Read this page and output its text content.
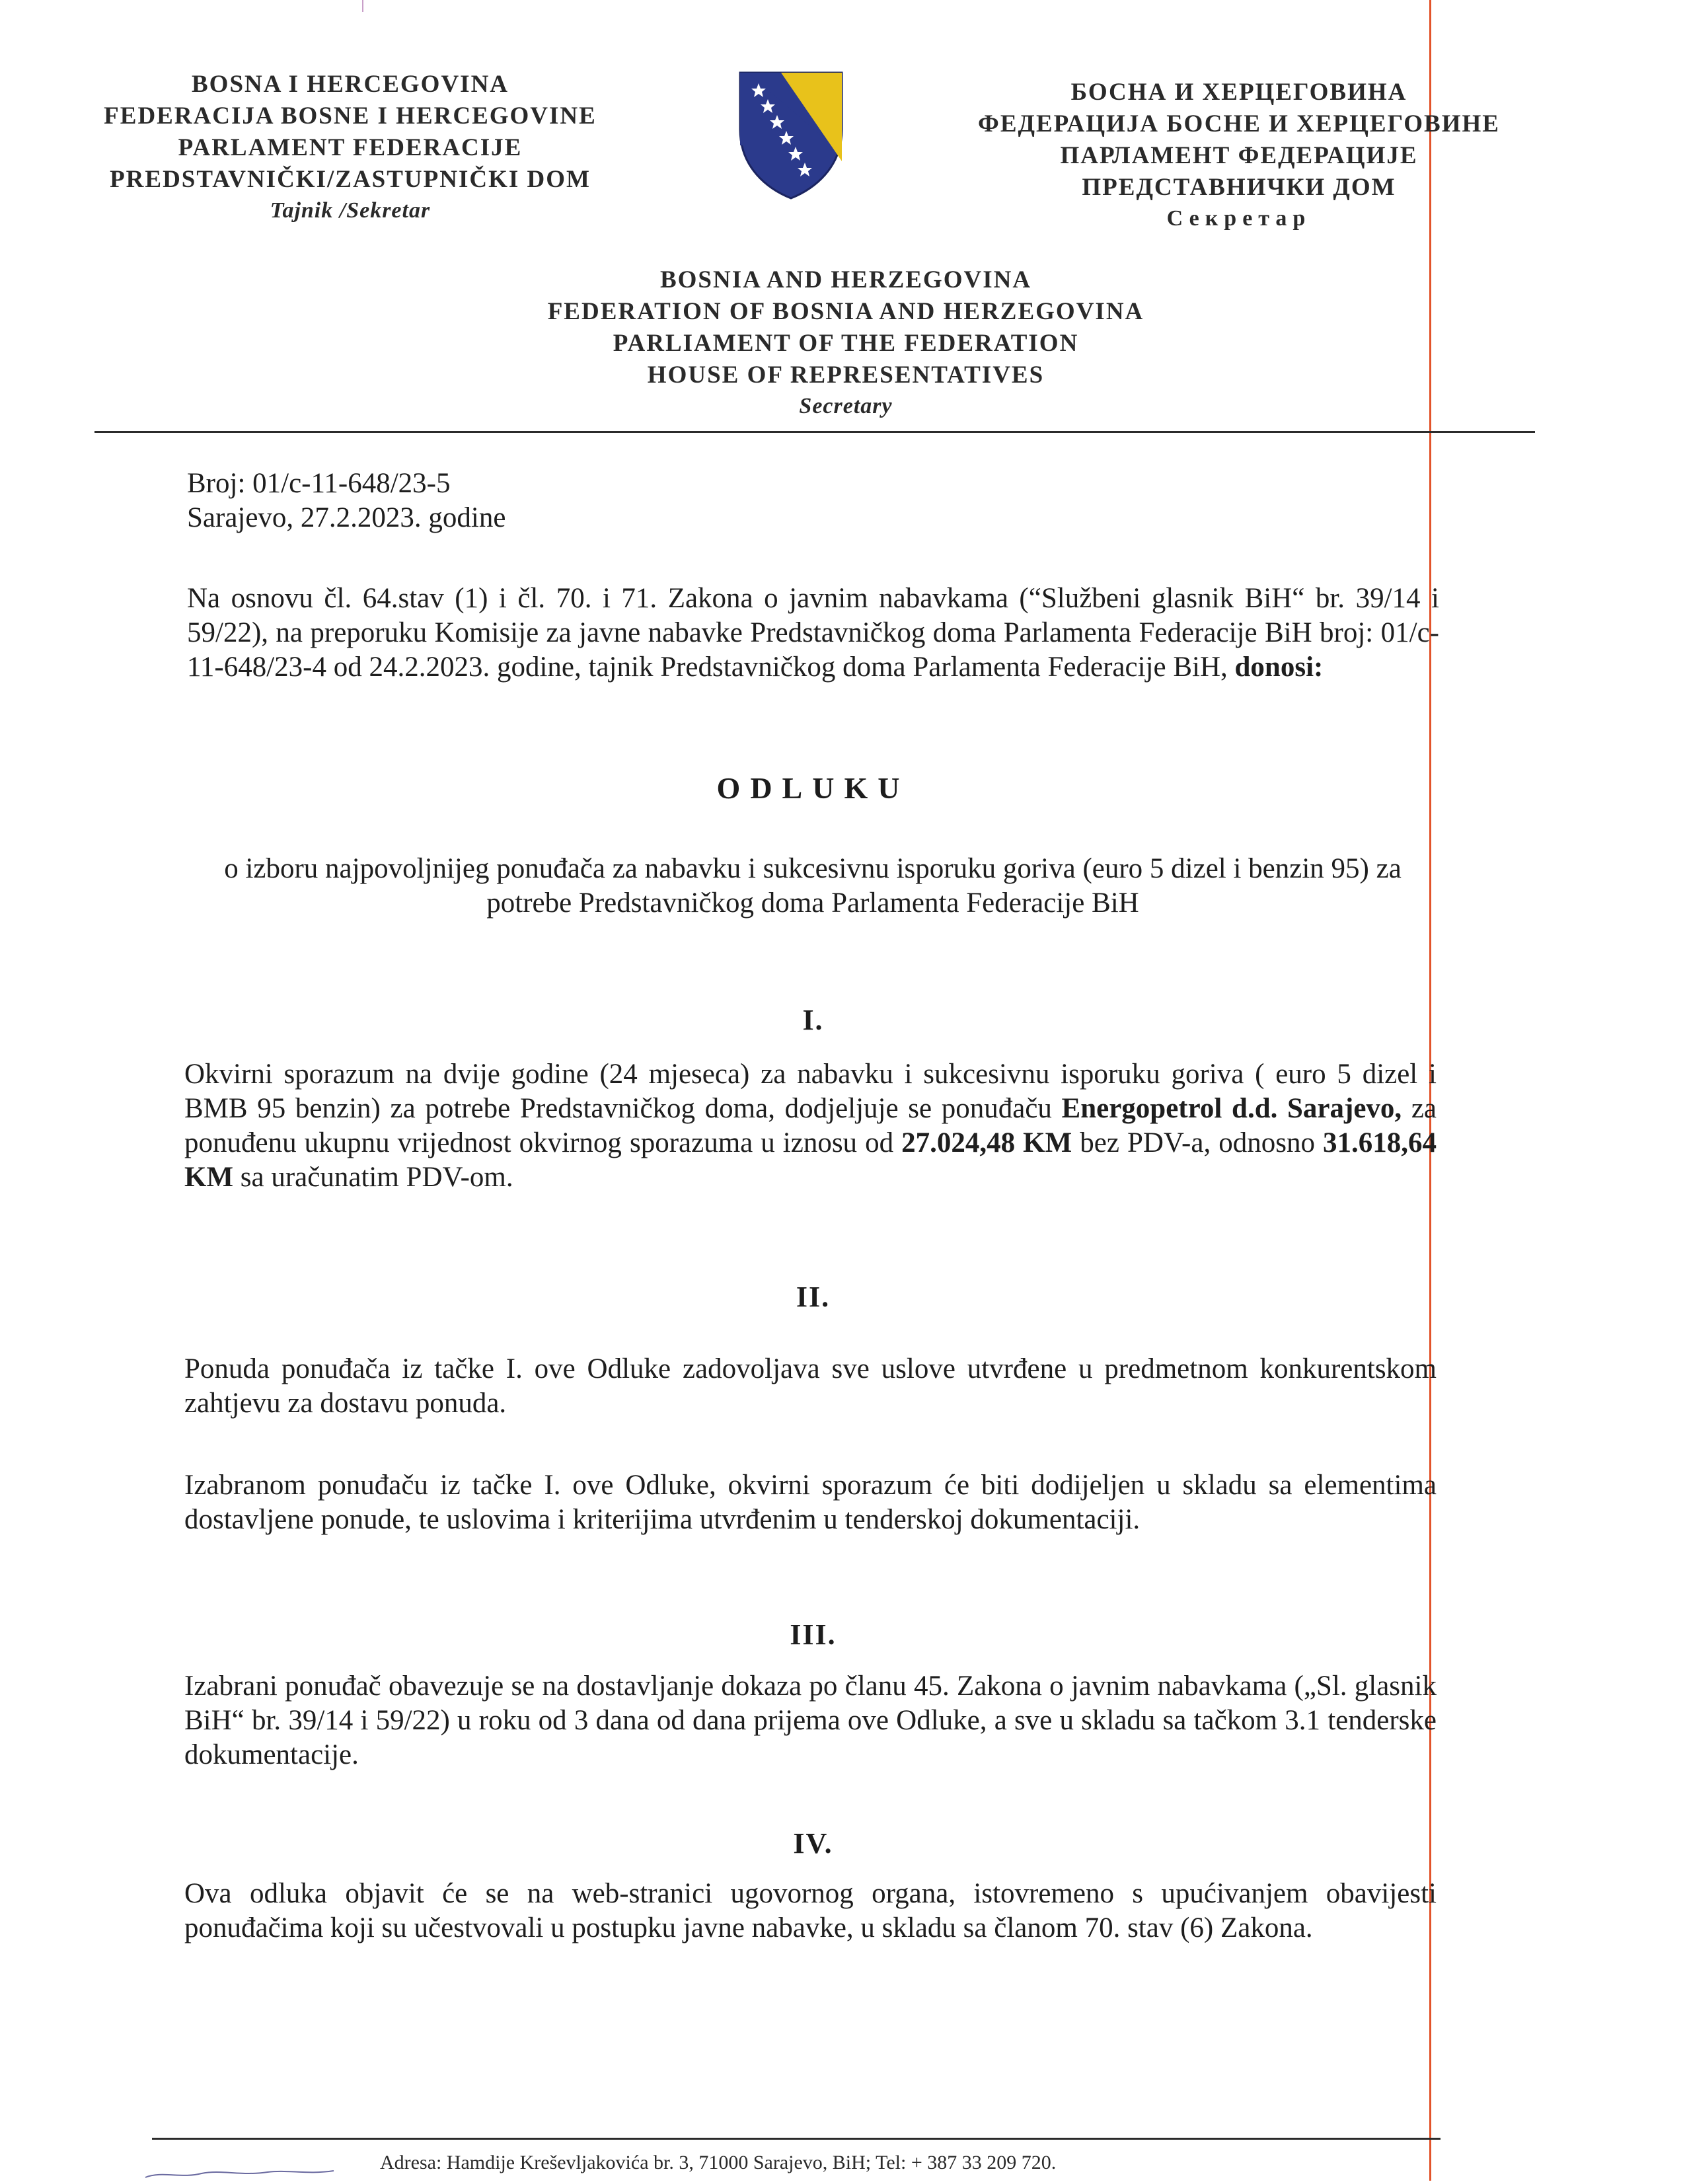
BOSNA I HERCEGOVINA
FEDERACIJA BOSNE I HERCEGOVINE
PARLAMENT FEDERACIJE
PREDSTAVNIČKI/ZASTUPNIČKI DOM
Tajnik /Sekretar
БОСНА И ХЕРЦЕГОВИНА
ФЕДЕРАЦИЈА БОСНЕ И ХЕРЦЕГОВИНЕ
ПАРЛАМЕНТ ФЕДЕРАЦИЈЕ
ПРЕДСТАВНИЧКИ ДОМ
Секретар
BOSNIA AND HERZEGOVINA
FEDERATION OF BOSNIA AND HERZEGOVINA
PARLIAMENT OF THE FEDERATION
HOUSE OF REPRESENTATIVES
Secretary
Broj: 01/c-11-648/23-5
Sarajevo, 27.2.2023. godine
Na osnovu čl. 64.stav (1) i čl. 70. i 71. Zakona o javnim nabavkama (“Službeni glasnik BiH“ br. 39/14 i 59/22), na preporuku Komisije za javne nabavke Predstavničkog doma Parlamenta Federacije BiH broj: 01/c-11-648/23-4 od 24.2.2023. godine, tajnik Predstavničkog doma Parlamenta Federacije BiH, donosi:
ODLUKU
o izboru najpovoljnijeg ponuđača za nabavku i sukcesivnu isporuku goriva (euro 5 dizel i benzin 95) za potrebe Predstavničkog doma Parlamenta Federacije BiH
I.
Okvirni sporazum na dvije godine (24 mjeseca) za nabavku i sukcesivnu isporuku goriva ( euro 5 dizel i BMB 95 benzin) za potrebe Predstavničkog doma, dodjeljuje se ponuđaču Energopetrol d.d. Sarajevo, za ponuđenu ukupnu vrijednost okvirnog sporazuma u iznosu od 27.024,48 KM bez PDV-a, odnosno 31.618,64 KM sa uračunatim PDV-om.
II.
Ponuda ponuđača iz tačke I. ove Odluke zadovoljava sve uslove utvrđene u predmetnom konkurentskom zahtjevu za dostavu ponuda.
Izabranom ponuđaču iz tačke I. ove Odluke, okvirni sporazum će biti dodijeljen u skladu sa elementima dostavljene ponude, te uslovima i kriterijima utvrđenim u tenderskoj dokumentaciji.
III.
Izabrani ponuđač obavezuje se na dostavljanje dokaza po članu 45. Zakona o javnim nabavkama („Sl. glasnik BiH“ br. 39/14 i 59/22) u roku od 3 dana od dana prijema ove Odluke, a sve u skladu sa tačkom 3.1 tenderske dokumentacije.
IV.
Ova odluka objavit će se na web-stranici ugovornog organa, istovremeno s upućivanjem obavijesti ponuđačima koji su učestvovali u postupku javne nabavke, u skladu sa članom 70. stav (6) Zakona.
Adresa: Hamdije Kreševljakovića br. 3, 71000 Sarajevo, BiH; Tel: + 387 33 209 720.
